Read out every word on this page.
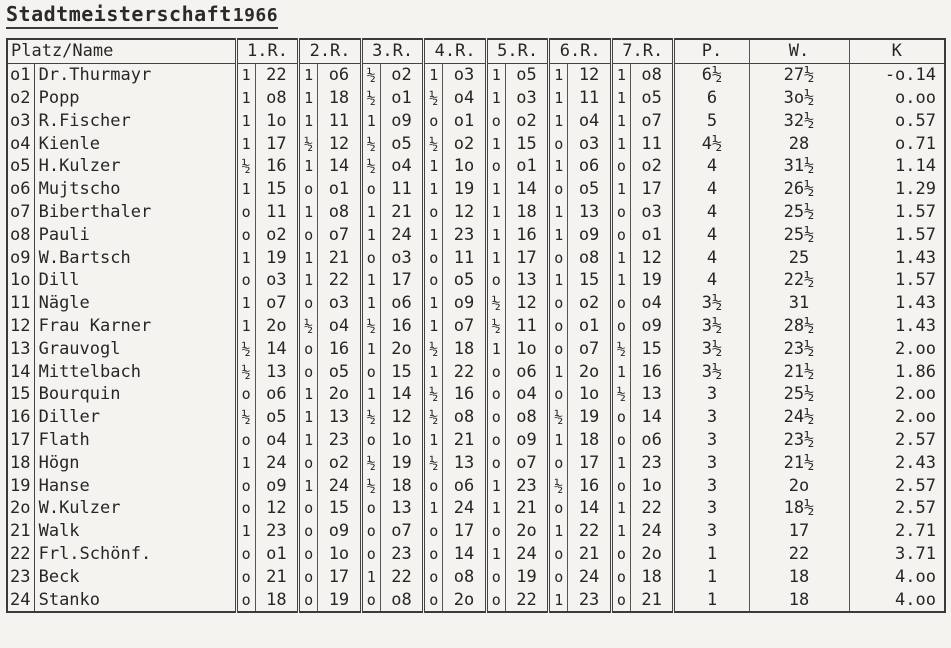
Stadtmeisterschaft1966
Platz/Name		1.R.		2.R.		3.R.		4.R.		5.R.		6.R.		7.R.		P.	W.	K
o1	Dr.Thurmayr	1	22	1	o6	½	o2	1	o3	1	o5	1	12	1	o8	6½	27½	-o.14
o2	Popp	1	o8	1	18	½	o1	½	o4	1	o3	1	11	1	o5	6	3o½	o.oo
o3	R.Fischer	1	1o	1	11	1	o9	o	o1	o	o2	1	o4	1	o7	5	32½	o.57
o4	Kienle	1	17	½	12	½	o5	½	o2	1	15	o	o3	1	11	4½	28	o.71
o5	H.Kulzer	½	16	1	14	½	o4	1	1o	o	o1	1	o6	o	o2	4	31½	1.14
o6	Mujtscho	1	15	o	o1	o	11	1	19	1	14	o	o5	1	17	4	26½	1.29
o7	Biberthaler	o	11	1	o8	1	21	o	12	1	18	1	13	o	o3	4	25½	1.57
o8	Pauli	o	o2	o	o7	1	24	1	23	1	16	1	o9	o	o1	4	25½	1.57
o9	W.Bartsch	1	19	1	21	o	o3	o	11	1	17	o	o8	1	12	4	25	1.43
1o	Dill	o	o3	1	22	1	17	o	o5	o	13	1	15	1	19	4	22½	1.57
11	Nägle	1	o7	o	o3	1	o6	1	o9	½	12	o	o2	o	o4	3½	31	1.43
12	Frau Karner	1	2o	½	o4	½	16	1	o7	½	11	o	o1	o	o9	3½	28½	1.43
13	Grauvogl	½	14	o	16	1	2o	½	18	1	1o	o	o7	½	15	3½	23½	2.oo
14	Mittelbach	½	13	o	o5	o	15	1	22	o	o6	1	2o	1	16	3½	21½	1.86
15	Bourquin	o	o6	1	2o	1	14	½	16	o	o4	o	1o	½	13	3	25½	2.oo
16	Diller	½	o5	1	13	½	12	½	o8	o	o8	½	19	o	14	3	24½	2.oo
17	Flath	o	o4	1	23	o	1o	1	21	o	o9	1	18	o	o6	3	23½	2.57
18	Högn	1	24	o	o2	½	19	½	13	o	o7	o	17	1	23	3	21½	2.43
19	Hanse	o	o9	1	24	½	18	o	o6	1	23	½	16	o	1o	3	2o	2.57
2o	W.Kulzer	o	12	o	15	o	13	1	24	1	21	o	14	1	22	3	18½	2.57
21	Walk	1	23	o	o9	o	o7	o	17	o	2o	1	22	1	24	3	17	2.71
22	Frl.Schönf.	o	o1	o	1o	o	23	o	14	1	24	o	21	o	2o	1	22	3.71
23	Beck	o	21	o	17	1	22	o	o8	o	19	o	24	o	18	1	18	4.oo
24	Stanko	o	18	o	19	o	o8	o	2o	o	22	1	23	o	21	1	18	4.oo
